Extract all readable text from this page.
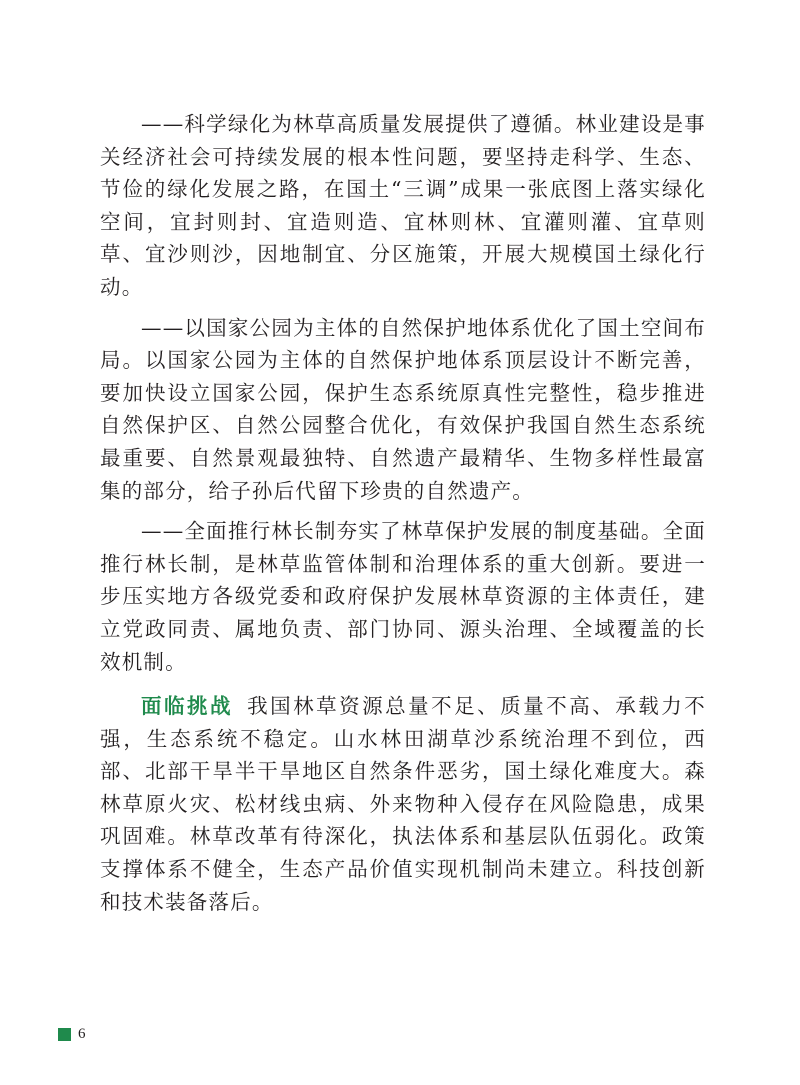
——科学绿化为林草高质量发展提供了遵循。林业建设是事关经济社会可持续发展的根本性问题，要坚持走科学、生态、节俭的绿化发展之路，在国土“三调”成果一张底图上落实绿化空间，宜封则封、宜造则造、宜林则林、宜灌则灌、宜草则草、宜沙则沙，因地制宜、分区施策，开展大规模国土绿化行动。

——以国家公园为主体的自然保护地体系优化了国土空间布局。以国家公园为主体的自然保护地体系顶层设计不断完善，要加快设立国家公园，保护生态系统原真性完整性，稳步推进自然保护区、自然公园整合优化，有效保护我国自然生态系统最重要、自然景观最独特、自然遗产最精华、生物多样性最富集的部分，给子孙后代留下珍贵的自然遗产。

——全面推行林长制夯实了林草保护发展的制度基础。全面推行林长制，是林草监管体制和治理体系的重大创新。要进一步压实地方各级党委和政府保护发展林草资源的主体责任，建立党政同责、属地负责、部门协同、源头治理、全域覆盖的长效机制。

面临挑战 我国林草资源总量不足、质量不高、承载力不强，生态系统不稳定。山水林田湖草沙系统治理不到位，西部、北部干旱半干旱地区自然条件恶劣，国土绿化难度大。森林草原火灾、松材线虫病、外来物种入侵存在风险隐患，成果巩固难。林草改革有待深化，执法体系和基层队伍弱化。政策支撑体系不健全，生态产品价值实现机制尚未建立。科技创新和技术装备落后。

6
